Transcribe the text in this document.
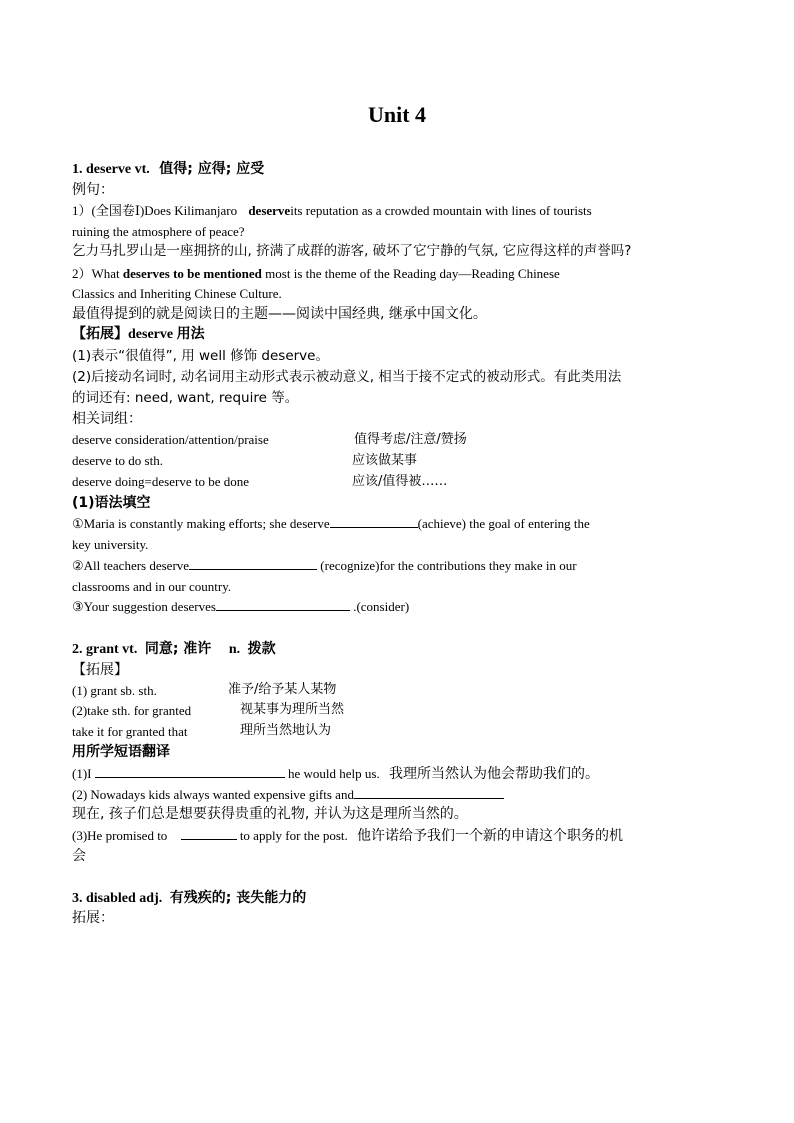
Unit 4
1. deserve vt. 值得; 应得; 应受
例句：
1）(全国卷Ⅰ)Does Kilimanjaro deserveits reputation as a crowded mountain with lines of tourists
ruining the atmosphere of peace?
乞力马扎罗山是一座拥挤的山, 挤满了成群的游客, 破坏了它宁静的气氛, 它应得这样的声誉吗?
2）What deserves to be mentioned most is the theme of the Reading day—Reading Chinese
Classics and Inheriting Chinese Culture.
最值得提到的就是阅读日的主题——阅读中国经典, 继承中国文化。
【拓展】deserve 用法
(1)表示“很值得”, 用 well 修饰 deserve。
(2)后接动名词时, 动名词用主动形式表示被动意义, 相当于接不定式的被动形式。有此类用法
的词还有: need, want, require 等。
相关词组：
deserve consideration/attention/praise	值得考虑/注意/赞扬
deserve to do sth.	应该做某事
deserve doing=deserve to be done	应该/值得被……
(1)语法填空
①Maria is constantly making efforts; she deserve	(achieve) the goal of entering the
key university.
②All teachers deserve	(recognize)for the contributions they make in our
classrooms and in our country.
③Your suggestion deserves	.(consider)
2. grant vt. 同意; 准许 n. 拨款
【拓展】
(1) grant sb. sth.	准予/给予某人某物
(2)take sth. for granted	视某事为理所当然
take it for granted that	理所当然地认为
用所学短语翻译
(1)I	he would help us. 我理所当然认为他会帮助我们的。
(2) Nowadays kids always wanted expensive gifts and
现在, 孩子们总是想要获得贵重的礼物, 并认为这是理所当然的。
(3)He promised to	to apply for the post. 他许诺给予我们一个新的申请这个职务的机
会
3. disabled adj. 有残疾的; 丧失能力的
拓展：
